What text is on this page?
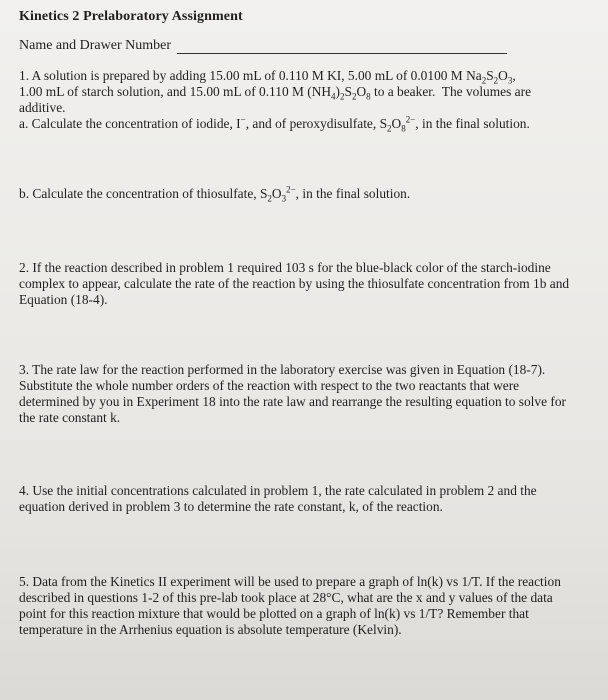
Kinetics 2 Prelaboratory Assignment
Name and Drawer Number
1. A solution is prepared by adding 15.00 mL of 0.110 M KI, 5.00 mL of 0.0100 M $Na_2S_2O_3$,
1.00 mL of starch solution, and 15.00 mL of 0.110 M $(NH_4)_2S_2O_8$ to a beaker.  The volumes are
additive.
a. Calculate the concentration of iodide, I−, and of peroxydisulfate, $S_2O_8^{2-}$, in the final solution.
b. Calculate the concentration of thiosulfate, $S_2O_3^{2-}$, in the final solution.
2. If the reaction described in problem 1 required 103 s for the blue-black color of the starch-iodine complex to appear, calculate the rate of the reaction by using the thiosulfate concentration from 1b and Equation (18-4).
3. The rate law for the reaction performed in the laboratory exercise was given in Equation (18-7). Substitute the whole number orders of the reaction with respect to the two reactants that were determined by you in Experiment 18 into the rate law and rearrange the resulting equation to solve for the rate constant k.
4. Use the initial concentrations calculated in problem 1, the rate calculated in problem 2 and the equation derived in problem 3 to determine the rate constant, k, of the reaction.
5. Data from the Kinetics II experiment will be used to prepare a graph of ln(k) vs 1/T. If the reaction described in questions 1-2 of this pre-lab took place at 28°C, what are the x and y values of the data point for this reaction mixture that would be plotted on a graph of ln(k) vs 1/T? Remember that temperature in the Arrhenius equation is absolute temperature (Kelvin).
